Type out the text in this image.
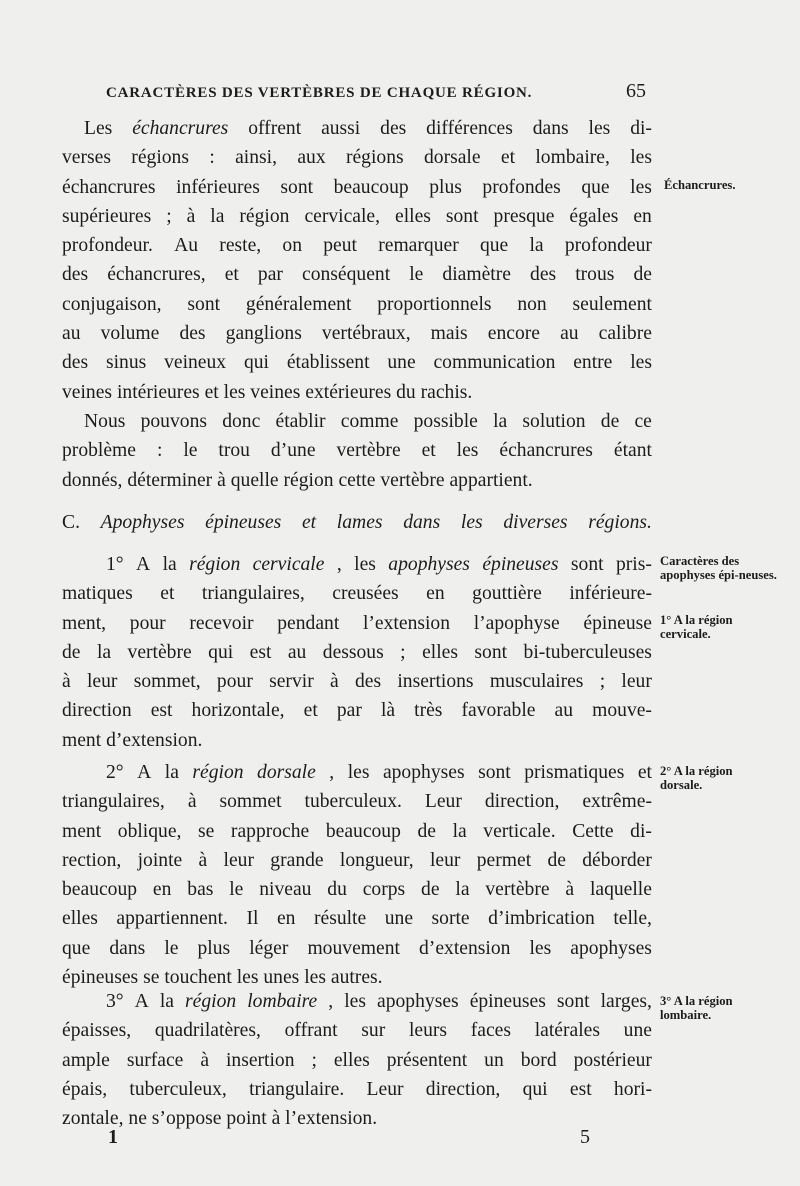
CARACTÈRES DES VERTÈBRES DE CHAQUE RÉGION.	65
Les échancrures offrent aussi des différences dans les di-
verses régions : ainsi, aux régions dorsale et lombaire, les
échancrures inférieures sont beaucoup plus profondes que les
supérieures ; à la région cervicale, elles sont presque égales en
profondeur. Au reste, on peut remarquer que la profondeur
des échancrures, et par conséquent le diamètre des trous de
conjugaison, sont généralement proportionnels non seulement
au volume des ganglions vertébraux, mais encore au calibre
des sinus veineux qui établissent une communication entre les
veines intérieures et les veines extérieures du rachis.
Nous pouvons donc établir comme possible la solution de ce
problème : le trou d’une vertèbre et les échancrures étant
donnés, déterminer à quelle région cette vertèbre appartient.
C. Apophyses épineuses et lames dans les diverses régions.
1° A la région cervicale , les apophyses épineuses sont pris-
matiques et triangulaires, creusées en gouttière inférieure-
ment, pour recevoir pendant l’extension l’apophyse épineuse
de la vertèbre qui est au dessous ; elles sont bi-tuberculeuses
à leur sommet, pour servir à des insertions musculaires ; leur
direction est horizontale, et par là très favorable au mouve-
ment d’extension.
2° A la région dorsale , les apophyses sont prismatiques et
triangulaires, à sommet tuberculeux. Leur direction, extrême-
ment oblique, se rapproche beaucoup de la verticale. Cette di-
rection, jointe à leur grande longueur, leur permet de déborder
beaucoup en bas le niveau du corps de la vertèbre à laquelle
elles appartiennent. Il en résulte une sorte d’imbrication telle,
que dans le plus léger mouvement d’extension les apophyses
épineuses se touchent les unes les autres.
3° A la région lombaire , les apophyses épineuses sont larges,
épaisses, quadrilatères, offrant sur leurs faces latérales une
ample surface à insertion ; elles présentent un bord postérieur
épais, tuberculeux, triangulaire. Leur direction, qui est hori-
zontale, ne s’oppose point à l’extension.
Échancrures.
Caractères des apophyses épi-neuses.
1° A la région cervicale.
2° A la région dorsale.
3° A la région lombaire.
1	5
